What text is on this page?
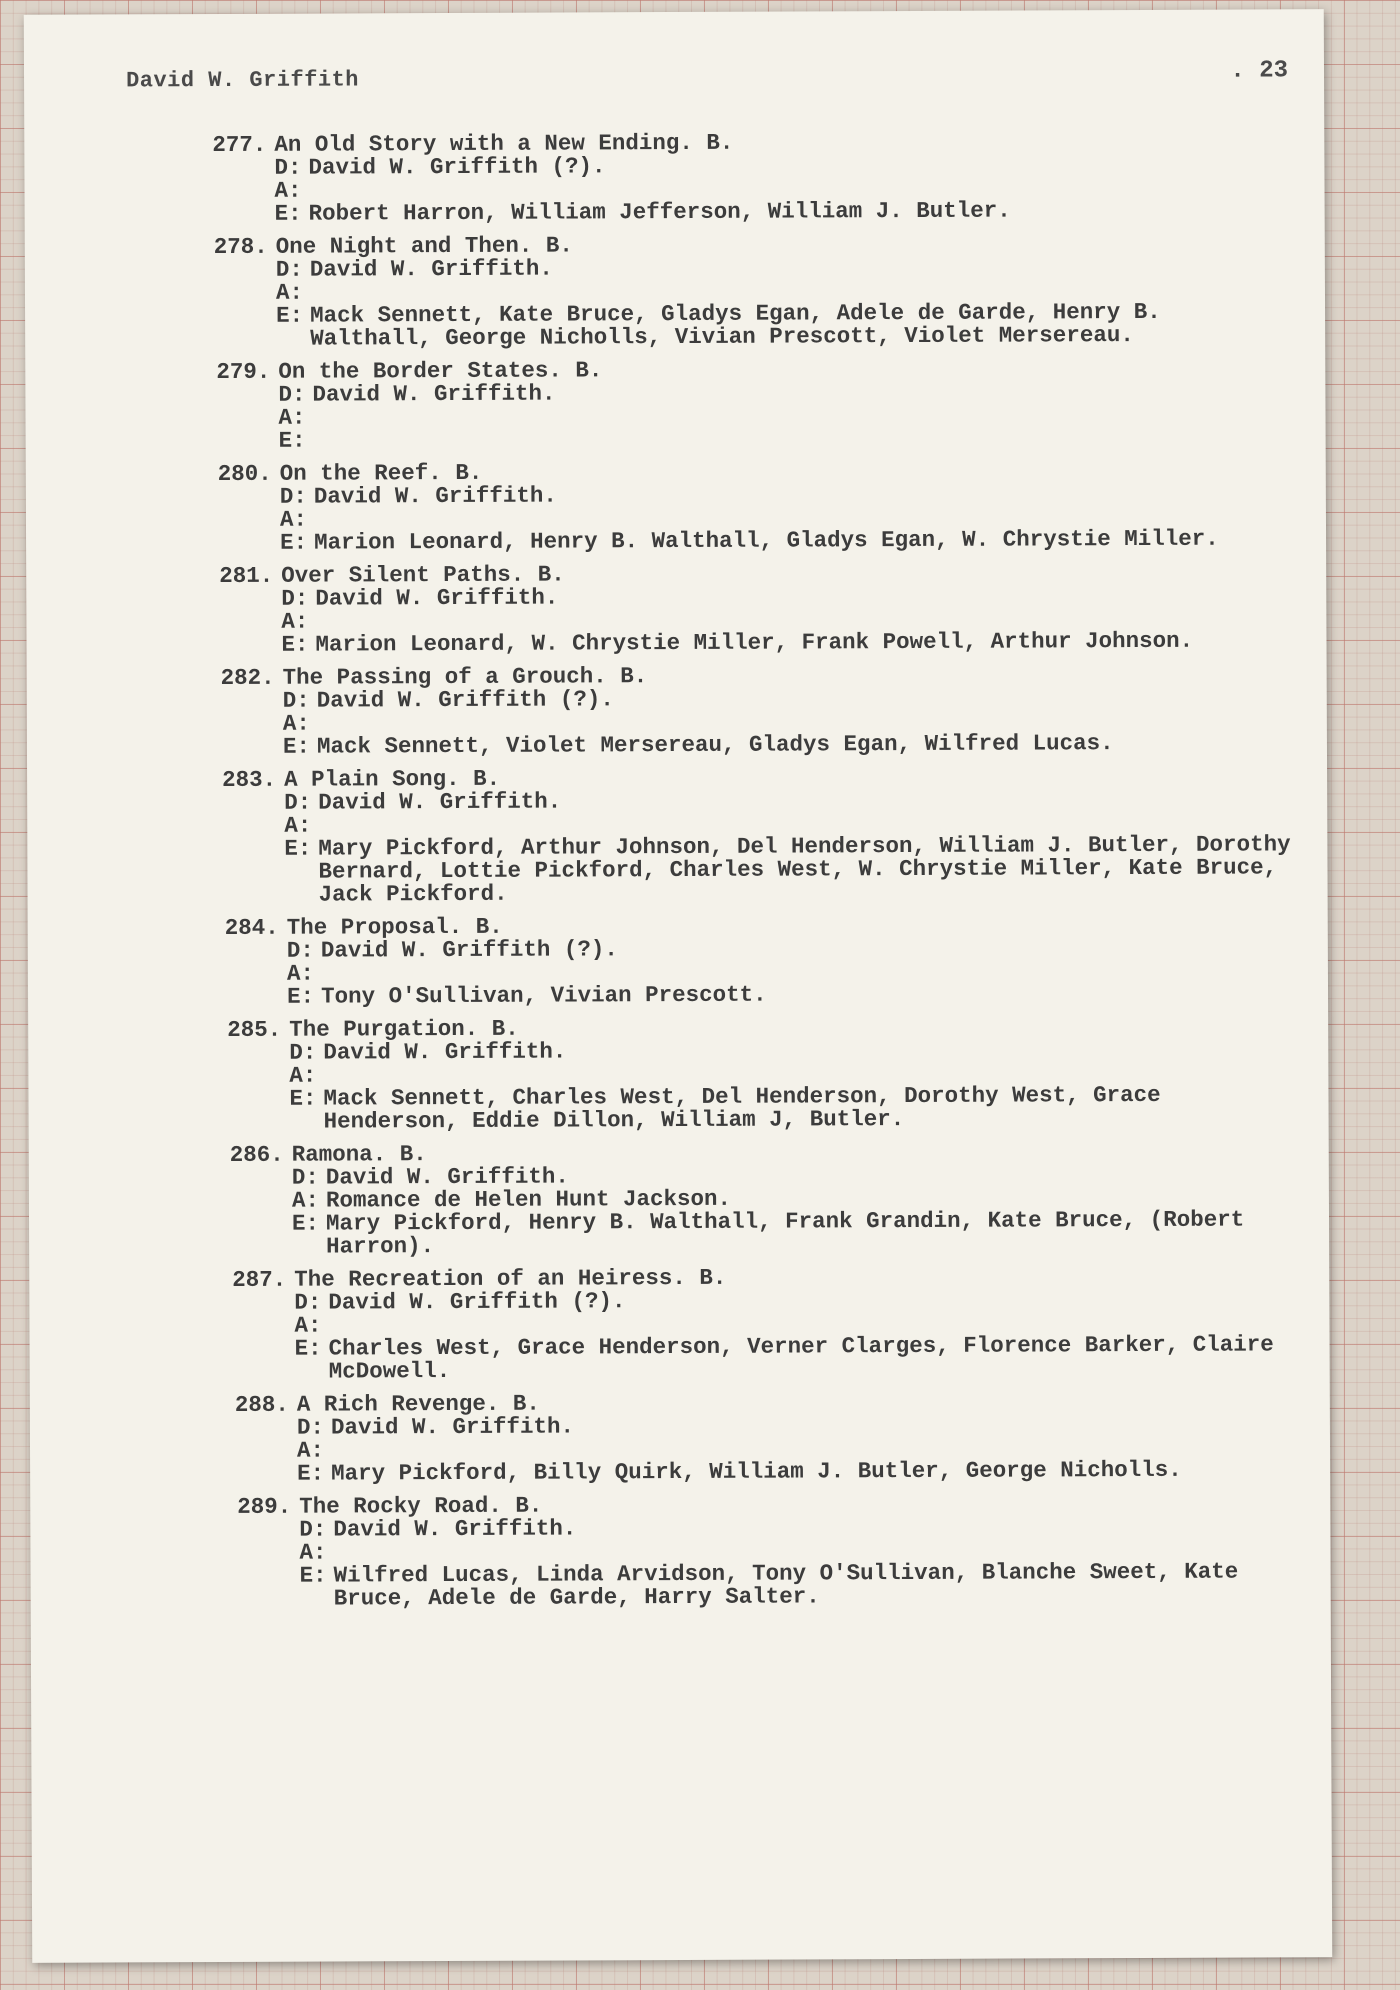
David W. Griffith	. 23
277. An Old Story with a New Ending. B.
D: David W. Griffith (?).
A:
E: Robert Harron, William Jefferson, William J. Butler.
278. One Night and Then. B.
D: David W. Griffith.
A:
E: Mack Sennett, Kate Bruce, Gladys Egan, Adele de Garde, Henry B. Walthall, George Nicholls, Vivian Prescott, Violet Mersereau.
279. On the Border States. B.
D: David W. Griffith.
A:
E:
280. On the Reef. B.
D: David W. Griffith.
A:
E: Marion Leonard, Henry B. Walthall, Gladys Egan, W. Chrystie Miller.
281. Over Silent Paths. B.
D: David W. Griffith.
A:
E: Marion Leonard, W. Chrystie Miller, Frank Powell, Arthur Johnson.
282. The Passing of a Grouch. B.
D: David W. Griffith (?).
A:
E: Mack Sennett, Violet Mersereau, Gladys Egan, Wilfred Lucas.
283. A Plain Song. B.
D: David W. Griffith.
A:
E: Mary Pickford, Arthur Johnson, Del Henderson, William J. Butler, Dorothy Bernard, Lottie Pickford, Charles West, W. Chrystie Miller, Kate Bruce, Jack Pickford.
284. The Proposal. B.
D: David W. Griffith (?).
A:
E: Tony O'Sullivan, Vivian Prescott.
285. The Purgation. B.
D: David W. Griffith.
A:
E: Mack Sennett, Charles West, Del Henderson, Dorothy West, Grace Henderson, Eddie Dillon, William J, Butler.
286. Ramona. B.
D: David W. Griffith.
A: Romance de Helen Hunt Jackson.
E: Mary Pickford, Henry B. Walthall, Frank Grandin, Kate Bruce, (Robert Harron).
287. The Recreation of an Heiress. B.
D: David W. Griffith (?).
A:
E: Charles West, Grace Henderson, Verner Clarges, Florence Barker, Claire McDowell.
288. A Rich Revenge. B.
D: David W. Griffith.
A:
E: Mary Pickford, Billy Quirk, William J. Butler, George Nicholls.
289. The Rocky Road. B.
D: David W. Griffith.
A:
E: Wilfred Lucas, Linda Arvidson, Tony O'Sullivan, Blanche Sweet, Kate Bruce, Adele de Garde, Harry Salter.
